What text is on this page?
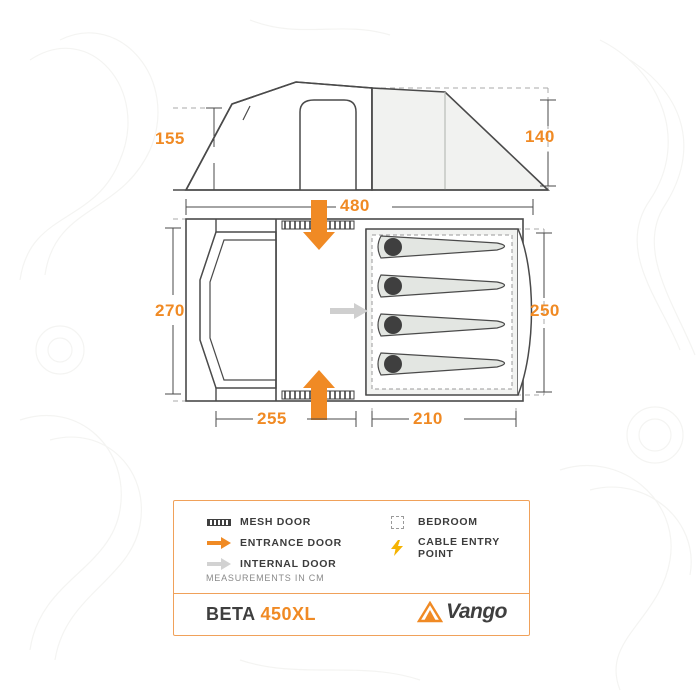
155	140
480
270	250
255	210
MESH DOOR
ENTRANCE DOOR
INTERNAL DOOR
MEASUREMENTS IN CM
BEDROOM
CABLE ENTRY POINT
BETA 450XL	Vango
